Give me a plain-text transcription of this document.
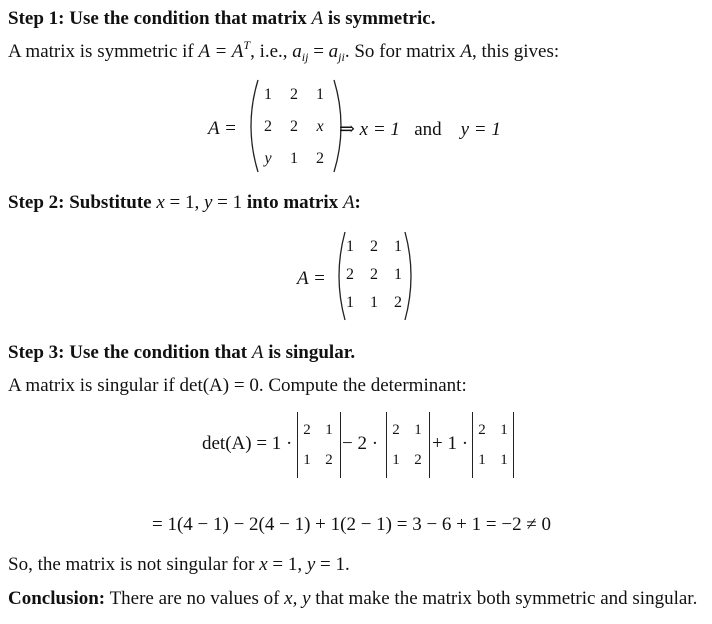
Step 1: Use the condition that matrix A is symmetric.
A matrix is symmetric if $A = A^T$, i.e., $a_{ij} = a_{ji}$. So for matrix A, this gives:
A =
1	2	1
2	2	x
y	1	2
⇒ x = 1 and y = 1
Step 2: Substitute x = 1, y = 1 into matrix A:
A =
1	2	1
2	2	1
1	1	2
Step 3: Use the condition that A is singular.
A matrix is singular if det(A) = 0. Compute the determinant:
det(A) = 1 ·
2 1
1 2
− 2 ·
2 1
1 2
+ 1 ·
2 1
1 1
= 1(4 − 1) − 2(4 − 1) + 1(2 − 1) = 3 − 6 + 1 = −2 ≠ 0
So, the matrix is not singular for x = 1, y = 1.
Conclusion: There are no values of x, y that make the matrix both symmetric and singular.
